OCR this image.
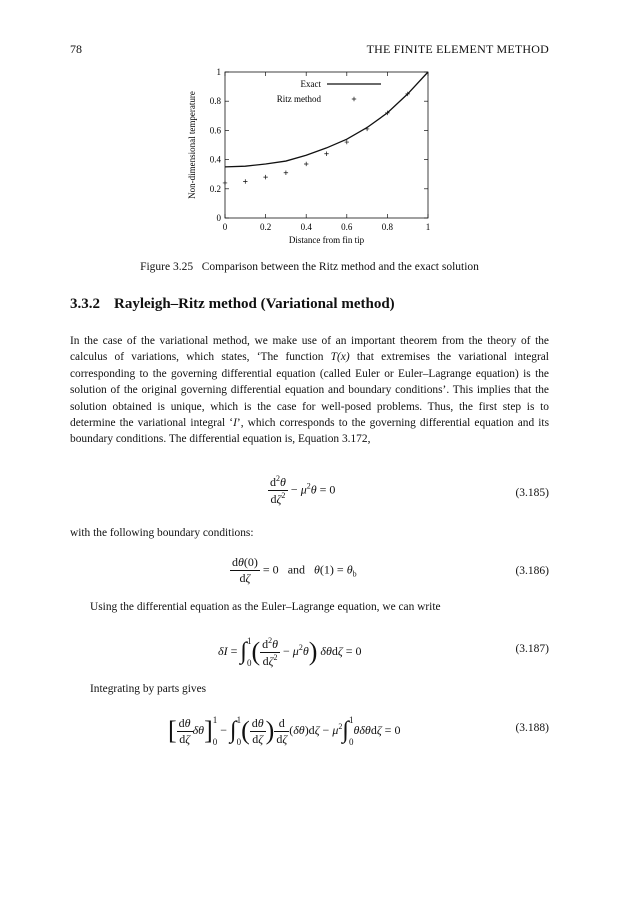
78	THE FINITE ELEMENT METHOD
0	0.2	0.4	0.6	0.8	1
0
0.2
0.4
0.6
0.8
1
Distance from fin tip
Non-dimensional temperature
Exact
Ritz method
Figure 3.25 Comparison between the Ritz method and the exact solution
3.3.2 Rayleigh–Ritz method (Variational method)
In the case of the variational method, we make use of an important theorem from the theory of the calculus of variations, which states, ‘The function T(x) that extremises the variational integral corresponding to the governing differential equation (called Euler or Euler–Lagrange equation) is the solution of the original governing differential equation and boundary conditions’. This implies that the solution obtained is unique, which is the case for well-posed problems. Thus, the first step is to determine the variational integral ‘I’, which corresponds to the governing differential equation and its boundary conditions. The differential equation is, Equation 3.172,
$\frac{d^2\theta}{d\zeta^2} - \mu^2\theta = 0$	(3.185)
with the following boundary conditions:
$\frac{d\theta(0)}{d\zeta} = 0$   and $\theta(1) = \theta_b$	(3.186)
Using the differential equation as the Euler–Lagrange equation, we can write
δI = ∫ 1
0 ( $\frac{d^2\theta}{d\zeta^2} - \mu^2\theta$) δθdζ = 0	(3.187)
Integrating by parts gives
[ $\frac{d\theta}{d\zeta} \delta\theta$] 1
0
− ∫ 1
0 ( $\frac{d\theta}{d\zeta}$ ) $\frac{d}{d\zeta} (\delta\theta)d\zeta - \mu^2\int$ 1
0
θδθdζ = 0	(3.188)
